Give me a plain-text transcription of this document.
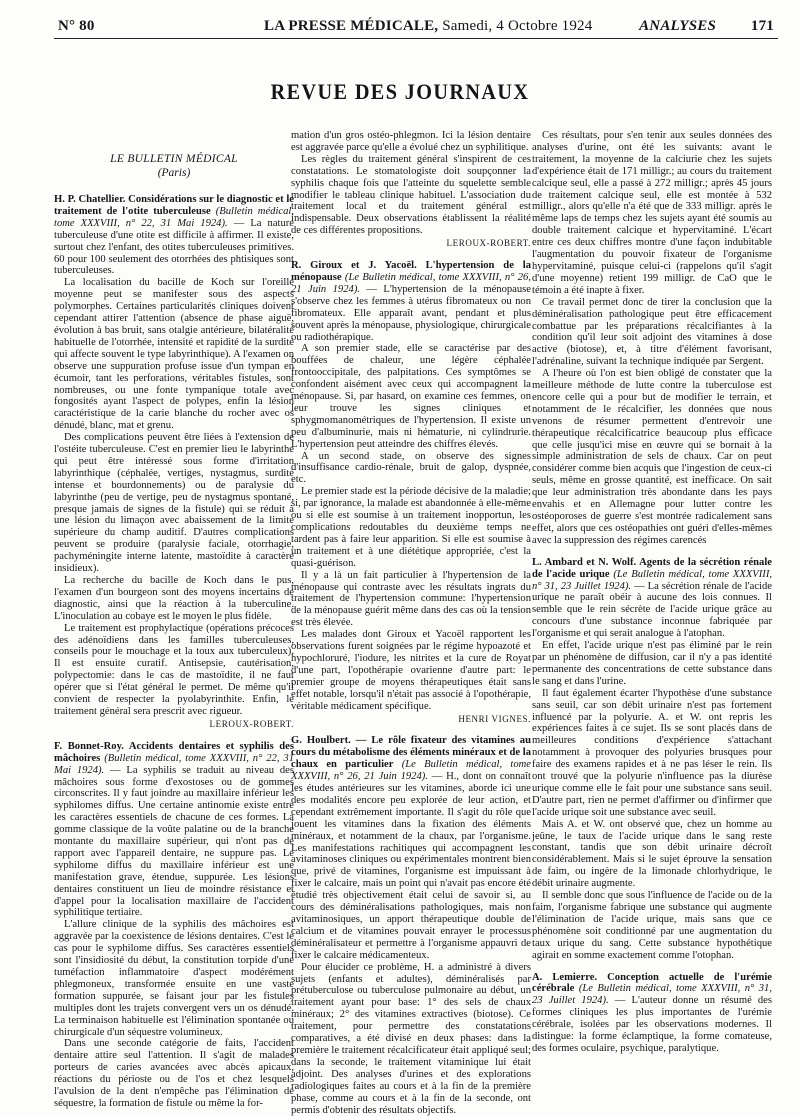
N° 80	LA PRESSE MÉDICALE, Samedi, 4 Octobre 1924	ANALYSES 171
REVUE DES JOURNAUX
LE BULLETIN MÉDICAL
(Paris)

H. P. Chatellier. Considérations sur le diagnostic et le traitement de l'otite tuberculeuse (Bulletin médical, tome XXXVIII, n° 22, 31 Mai 1924). — La nature tuberculeuse d'une otite est difficile à affirmer. Il existe, surtout chez l'enfant, des otites tuberculeuses primitives. 60 pour 100 seulement des otorrhées des phtisiques sont tuberculeuses.

La localisation du bacille de Koch sur l'oreille moyenne peut se manifester sous des aspects polymorphes. Certaines particularités cliniques doivent cependant attirer l'attention (absence de phase aiguë, évolution à bas bruit, sans otalgie antérieure, bilatéralité habituelle de l'otorrhée, intensité et rapidité de la surdité qui affecte souvent le type labyrinthique). A l'examen on observe une suppuration profuse issue d'un tympan en écumoir, tant les perforations, véritables fistules, sont nombreuses, ou une fonte tympanique totale avec fongosités ayant l'aspect de polypes, enfin la lésion caractéristique de la carie blanche du rocher avec os dénudé, blanc, mat et grenu.

Des complications peuvent être liées à l'extension de l'ostéite tuberculeuse. C'est en premier lieu le labyrinthe qui peut être intéressé sous forme d'irritation labyrinthique (céphalée, vertiges, nystagmus, surdité intense et bourdonnements) ou de paralysie du labyrinthe (peu de vertige, peu de nystagmus spontané, presque jamais de signes de la fistule) qui se réduit à une lésion du limaçon avec abaissement de la limite supérieure du champ auditif. D'autres complications peuvent se produire (paralysie faciale, otorrhagie, pachyméningite interne latente, mastoïdite à caractère insidieux).

La recherche du bacille de Koch dans le pus, l'examen d'un bourgeon sont des moyens incertains de diagnostic, ainsi que la réaction à la tuberculine. L'inoculation au cobaye est le moyen le plus fidèle.

Le traitement est prophylactique (opérations précoces des adénoïdiens dans les familles tuberculeuses, conseils pour le mouchage et la toux aux tuberculeux). Il est ensuite curatif. Antisepsie, cautérisation, polypectomie: dans le cas de mastoïdite, il ne faut opérer que si l'état général le permet. De même qu'il convient de respecter la pyolabyrinthite. Enfin, le traitement général sera prescrit avec rigueur.

LEROUX-ROBERT.

F. Bonnet-Roy. Accidents dentaires et syphilis des mâchoires (Bulletin médical, tome XXXVIII, n° 22, 31 Mai 1924). — La syphilis se traduit au niveau des mâchoires sous forme d'exostoses ou de gommes circonscrites. Il y faut joindre au maxillaire inférieur les syphilomes diffus. Une certaine antinomie existe entre les caractères essentiels de chacune de ces formes. La gomme classique de la voûte palatine ou de la branche montante du maxillaire supérieur, qui n'ont pas de rapport avec l'appareil dentaire, ne suppure pas. Le syphilome diffus du maxillaire inférieur est une manifestation grave, étendue, suppurée. Les lésions dentaires constituent un lieu de moindre résistance et d'appel pour la localisation maxillaire de l'accident syphilitique tertiaire.

L'allure clinique de la syphilis des mâchoires est aggravée par la coexistence de lésions dentaires. C'est le cas pour le syphilome diffus. Ses caractères essentiels sont l'insidiosité du début, la constitution torpide d'une tuméfaction inflammatoire d'aspect modérément phlegmoneux, transformée ensuite en une vaste formation suppurée, se faisant jour par les fistules multiples dont les trajets convergent vers un os dénudé. La terminaison habituelle est l'élimination spontanée ou chirurgicale d'un séquestre volumineux.

Dans une seconde catégorie de faits, l'accident dentaire attire seul l'attention. Il s'agit de malades porteurs de caries avancées avec abcès apicaux, réactions du périoste ou de l'os et chez lesquels l'avulsion de la dent n'empêche pas l'élimination de séquestre, la formation de fistule ou même la for-

mation d'un gros ostéo-phlegmon. Ici la lésion dentaire est aggravée parce qu'elle a évolué chez un syphilitique.

Les règles du traitement général s'inspirent de ces constatations. Le stomatologiste doit soupçonner la syphilis chaque fois que l'atteinte du squelette semble modifier le tableau clinique habituel. L'association du traitement local et du traitement général est indispensable. Deux observations établissent la réalité de ces différentes propositions.

LEROUX-ROBERT.

R. Giroux et J. Yacoël. L'hypertension de la ménopause (Le Bulletin médical, tome XXXVIII, n° 26, 21 Juin 1924). — L'hypertension de la ménopause s'observe chez les femmes à utérus fibromateux ou non fibromateux. Elle apparaît avant, pendant et plus souvent après la ménopause, physiologique, chirurgicale ou radiothérapique.

A son premier stade, elle se caractérise par des bouffées de chaleur, une légère céphalée frontooccipitale, des palpitations. Ces symptômes se confondent aisément avec ceux qui accompagnent la ménopause. Si, par hasard, on examine ces femmes, on leur trouve les signes cliniques et sphygmomanométriques de l'hypertension. Il existe un peu d'albuminurie, mais ni hématurie, ni cylindrurie. L'hypertension peut atteindre des chiffres élevés.

A un second stade, on observe des signes d'insuffisance cardio-rénale, bruit de galop, dyspnée, etc.

Le premier stade est la période décisive de la maladie; si, par ignorance, la malade est abandonnée à elle-même ou si elle est soumise à un traitement inopportun, les complications redoutables du deuxième temps ne tardent pas à faire leur apparition. Si elle est soumise à un traitement et à une diététique appropriée, c'est la quasi-guérison.

Il y a là un fait particulier à l'hypertension de la ménopause qui contraste avec les résultats ingrats du traitement de l'hypertension commune: l'hypertension de la ménopause guérit même dans des cas où la tension est très élevée.

Les malades dont Giroux et Yacoël rapportent les observations furent soignées par le régime hypoazoté et hypochloruré, l'iodure, les nitrites et la cure de Royat d'une part, l'opothérapie ovarienne d'autre part: le premier groupe de moyens thérapeutiques était sans effet notable, lorsqu'il n'était pas associé à l'opothérapie, véritable médicament spécifique.

HENRI VIGNES.

G. Houlbert. — Le rôle fixateur des vitamines au cours du métabolisme des éléments minéraux et de la chaux en particulier (Le Bulletin médical, tome XXXVIII, n° 26, 21 Juin 1924). — H., dont on connaît les études antérieures sur les vitamines, aborde ici une des modalités encore peu explorée de leur action, et cependant extrêmement importante. Il s'agit du rôle que jouent les vitamines dans la fixation des éléments minéraux, et notamment de la chaux, par l'organisme. Les manifestations rachitiques qui accompagnent les avitaminoses cliniques ou expérimentales montrent bien que, privé de vitamines, l'organisme est impuissant à fixer le calcaire, mais un point qui n'avait pas encore été étudié très objectivement était celui de savoir si, au cours des déminéralisations pathologiques, mais non avitaminosiques, un apport thérapeutique double de calcium et de vitamines pouvait enrayer le processus déminéralisateur et permettre à l'organisme appauvri de fixer le calcaire médicamenteux.

Pour élucider ce problème, H. a administré à divers sujets (enfants et adultes), déminéralisés par prétuberculose ou tuberculose pulmonaire au début, un traitement ayant pour base: 1° des sels de chaux minéraux; 2° des vitamines extractives (biotose). Ce traitement, pour permettre des constatations comparatives, a été divisé en deux phases: dans la première le traitement récalcificateur était appliqué seul; dans la seconde, le traitement vitaminique lui était adjoint. Des analyses d'urines et des explorations radiologiques faites au cours et à la fin de la première phase, comme au cours et à la fin de la seconde, ont permis d'obtenir des résultats objectifs.

Ces résultats, pour s'en tenir aux seules données des analyses d'urine, ont été les suivants: avant le traitement, la moyenne de la calciurie chez les sujets d'expérience était de 171 milligr.; au cours du traitement calcique seul, elle a passé à 272 milligr.; après 45 jours de traitement calcique seul, elle est montée à 532 milligr., alors qu'elle n'a été que de 333 milligr. après le même laps de temps chez les sujets ayant été soumis au double traitement calcique et hypervitaminé. L'écart entre ces deux chiffres montre d'une façon indubitable l'augmentation du pouvoir fixateur de l'organisme hypervitaminé, puisque celui-ci (rappelons qu'il s'agit d'une moyenne) retient 199 milligr. de CaO que le témoin a été inapte à fixer.

Ce travail permet donc de tirer la conclusion que la déminéralisation pathologique peut être efficacement combattue par les préparations récalcifiantes à la condition qu'il leur soit adjoint des vitamines à dose active (biotose), et, à titre d'élément favorisant, l'adrénaline, suivant la technique indiquée par Sergent.

A l'heure où l'on est bien obligé de constater que la meilleure méthode de lutte contre la tuberculose est encore celle qui a pour but de modifier le terrain, et notamment de le récalcifier, les données que nous venons de résumer permettent d'entrevoir une thérapeutique récalcificatrice beaucoup plus efficace que celle jusqu'ici mise en œuvre qui se bornait à la simple administration de sels de chaux. Car on peut considérer comme bien acquis que l'ingestion de ceux-ci seuls, même en grosse quantité, est inefficace. On sait que leur administration très abondante dans les pays envahis et en Allemagne pour lutter contre les ostéoporoses de guerre s'est montrée radicalement sans effet, alors que ces ostéopathies ont guéri d'elles-mêmes avec la suppression des régimes carencés

L. Ambard et N. Wolf. Agents de la sécrétion rénale de l'acide urique (Le Bulletin médical, tome XXXVIII, n° 31, 23 Juillet 1924). — La sécrétion rénale de l'acide urique ne paraît obéir à aucune des lois connues. Il semble que le rein sécrète de l'acide urique grâce au concours d'une substance inconnue fabriquée par l'organisme et qui serait analogue à l'atophan.

En effet, l'acide urique n'est pas éliminé par le rein par un phénomène de diffusion, car il n'y a pas identité permanente des concentrations de cette substance dans le sang et dans l'urine.

Il faut également écarter l'hypothèse d'une substance sans seuil, car son débit urinaire n'est pas fortement influencé par la polyurie. A. et W. ont repris les expériences faites à ce sujet. Ils se sont placés dans de meilleures conditions d'expérience s'attachant notamment à provoquer des polyuries brusques pour faire des examens rapides et à ne pas léser le rein. Ils ont trouvé que la polyurie n'influence pas la diurèse urique comme elle le fait pour une substance sans seuil. D'autre part, rien ne permet d'affirmer ou d'infirmer que l'acide urique soit une substance avec seuil.

Mais A. et W. ont observé que, chez un homme au jeûne, le taux de l'acide urique dans le sang reste constant, tandis que son débit urinaire décroît considérablement. Mais si le sujet éprouve la sensation de faim, ou ingère de la limonade chlorhydrique, le débit urinaire augmente.

Il semble donc que sous l'influence de l'acide ou de la faim, l'organisme fabrique une substance qui augmente l'élimination de l'acide urique, mais sans que ce phénomène soit conditionné par une augmentation du taux urique du sang. Cette substance hypothétique agirait en somme exactement comme l'otophan.

A. Lemierre. Conception actuelle de l'urémie cérébrale (Le Bulletin médical, tome XXXVIII, n° 31, 23 Juillet 1924). — L'auteur donne un résumé des formes cliniques les plus importantes de l'urémie cérébrale, isolées par les observations modernes. Il distingue: la forme éclamptique, la forme comateuse, des formes oculaire, psychique, paralytique.
